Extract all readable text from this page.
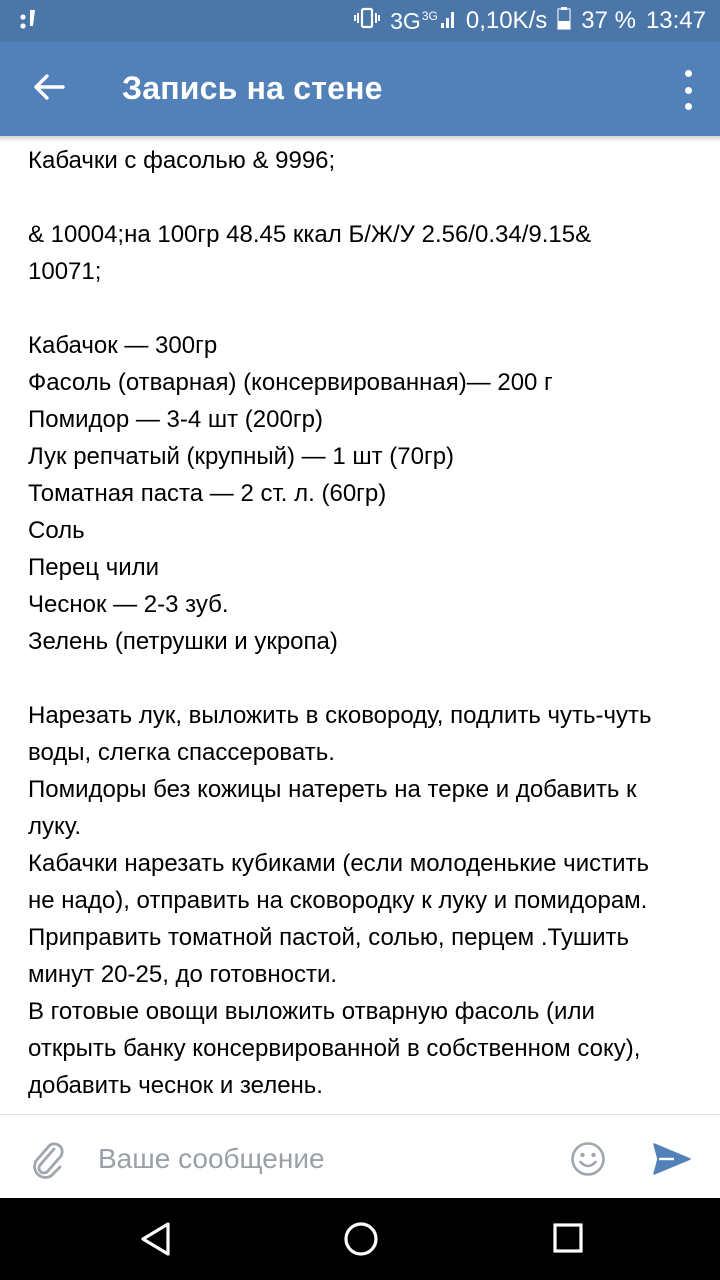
$3G^{3G}$ 0,10K/s 37 % 13:47
Запись на стене

Кабачки с фасолью & 9996;

& 10004;на 100гр 48.45 ккал Б/Ж/У 2.56/0.34/9.15&
10071;

Кабачок — 300гр

Фасоль (отварная) (консервированная)— 200 г

Помидор — 3-4 шт (200гр)

Лук репчатый (крупный) — 1 шт (70гр)

Томатная паста — 2 ст. л. (60гр)

Соль

Перец чили

Чеснок — 2-3 зуб.

Зелень (петрушки и укропа)

Нарезать лук, выложить в сковороду, подлить чуть-чуть
воды, слегка спассеровать.

Помидоры без кожицы натереть на терке и добавить к
луку.

Кабачки нарезать кубиками (если молоденькие чистить
не надо), отправить на сковородку к луку и помидорам.

Приправить томатной пастой, солью, перцем .Тушить
минут 20-25, до готовности.

В готовые овощи выложить отварную фасоль (или
открыть банку консервированной в собственном соку),
добавить чеснок и зелень.

Ваше сообщение
